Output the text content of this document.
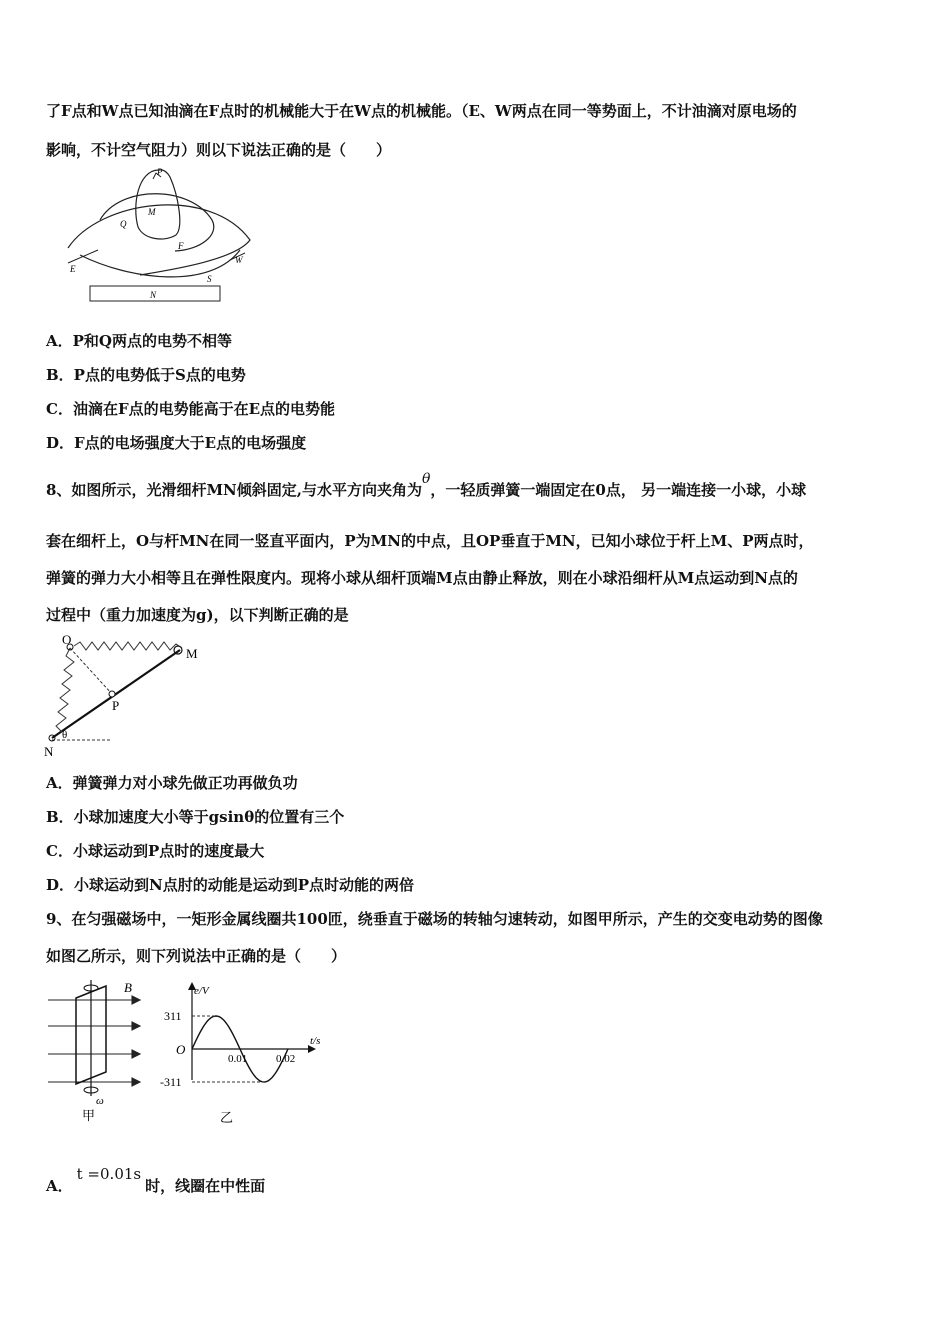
了F点和W点已知油滴在F点时的机械能大于在W点的机械能。（E、W两点在同一等势面上，不计油滴对原电场的
影响，不计空气阻力）则以下说法正确的是（　　）
P
M
Q
F
E
W
S
N
A．P和Q两点的电势不相等
B．P点的电势低于S点的电势
C．油滴在F点的电势能高于在E点的电势能
D．F点的电场强度大于E点的电场强度
8、如图所示，光滑细杆MN倾斜固定,与水平方向夹角为θ，一轻质弹簧一端固定在0点， 另一端连接一小球，小球
套在细杆上，O与杆MN在同一竖直平面内，P为MN的中点，且OP垂直于MN，已知小球位于杆上M、P两点时，
弹簧的弹力大小相等且在弹性限度内。现将小球从细杆顶端M点由静止释放，则在小球沿细杆从M点运动到N点的
过程中（重力加速度为g)，以下判断正确的是
O
M
P
N
θ
A．弹簧弹力对小球先做正功再做负功
B．小球加速度大小等于gsinθ的位置有三个
C．小球运动到P点时的速度最大
D．小球运动到N点肘的动能是运动到P点时动能的两倍
9、在匀强磁场中，一矩形金属线圈共100匝，绕垂直于磁场的转轴匀速转动，如图甲所示，产生的交变电动势的图像
如图乙所示，则下列说法中正确的是（　　）
B
ω
甲
e/V
t/s
311
-311
O
0.01	0.02
乙
A．t =0.01s时，线圈在中性面
